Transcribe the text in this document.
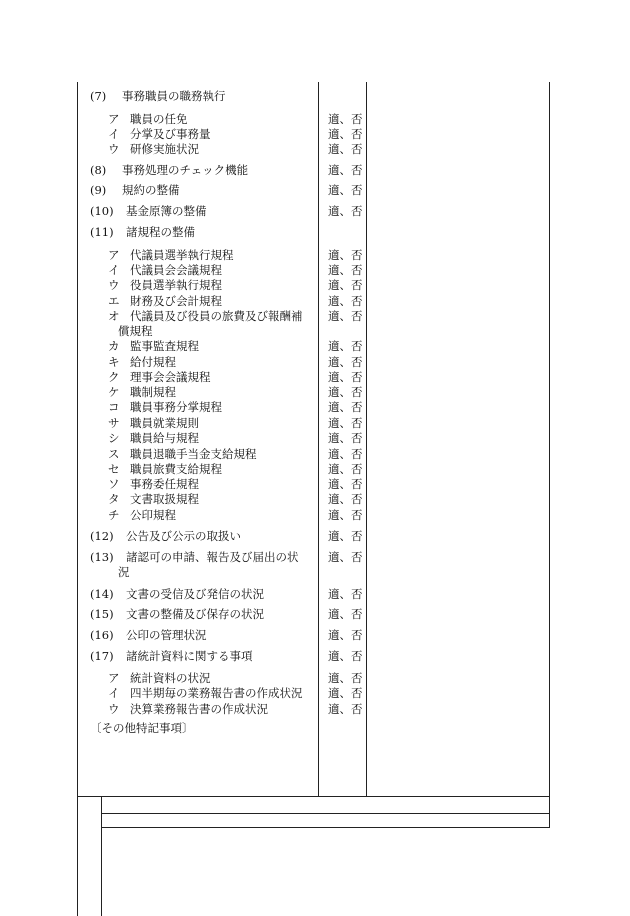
(7) 事務職員の職務執行
ア 職員の任免	適、否
イ 分掌及び事務量	適、否
ウ 研修実施状況	適、否
(8) 事務処理のチェック機能	適、否
(9) 規約の整備	適、否
(10) 基金原簿の整備	適、否
(11) 諸規程の整備
ア 代議員選挙執行規程	適、否
イ 代議員会会議規程	適、否
ウ 役員選挙執行規程	適、否
エ 財務及び会計規程	適、否
オ 代議員及び役員の旅費及び報酬補 適、否
償規程
カ 監事監査規程	適、否
キ 給付規程	適、否
ク 理事会会議規程	適、否
ケ 職制規程	適、否
コ 職員事務分掌規程	適、否
サ 職員就業規則	適、否
シ 職員給与規程	適、否
ス 職員退職手当金支給規程	適、否
セ 職員旅費支給規程	適、否
ソ 事務委任規程	適、否
タ 文書取扱規程	適、否
チ 公印規程	適、否
(12) 公告及び公示の取扱い	適、否
(13) 諸認可の申請、報告及び届出の状	適、否
況
(14) 文書の受信及び発信の状況	適、否
(15) 文書の整備及び保存の状況	適、否
(16) 公印の管理状況	適、否
(17) 諸統計資料に関する事項	適、否
ア 統計資料の状況	適、否
イ 四半期毎の業務報告書の作成状況 適、否
ウ 決算業務報告書の作成状況	適、否
〔その他特記事項〕
